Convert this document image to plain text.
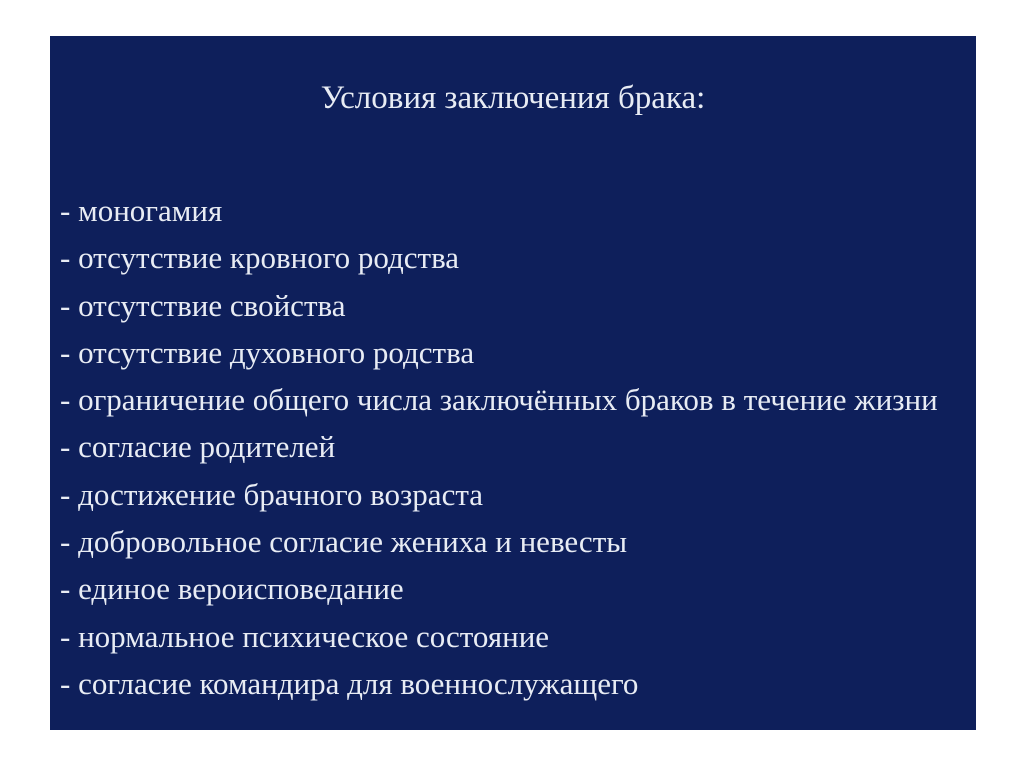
Условия заключения брака:
- моногамия
- отсутствие кровного родства
- отсутствие свойства
- отсутствие духовного родства
- ограничение общего числа заключённых браков в течение жизни
- согласие родителей
- достижение брачного возраста
- добровольное согласие жениха и невесты
- единое вероисповедание
- нормальное психическое состояние
- согласие командира для военнослужащего
